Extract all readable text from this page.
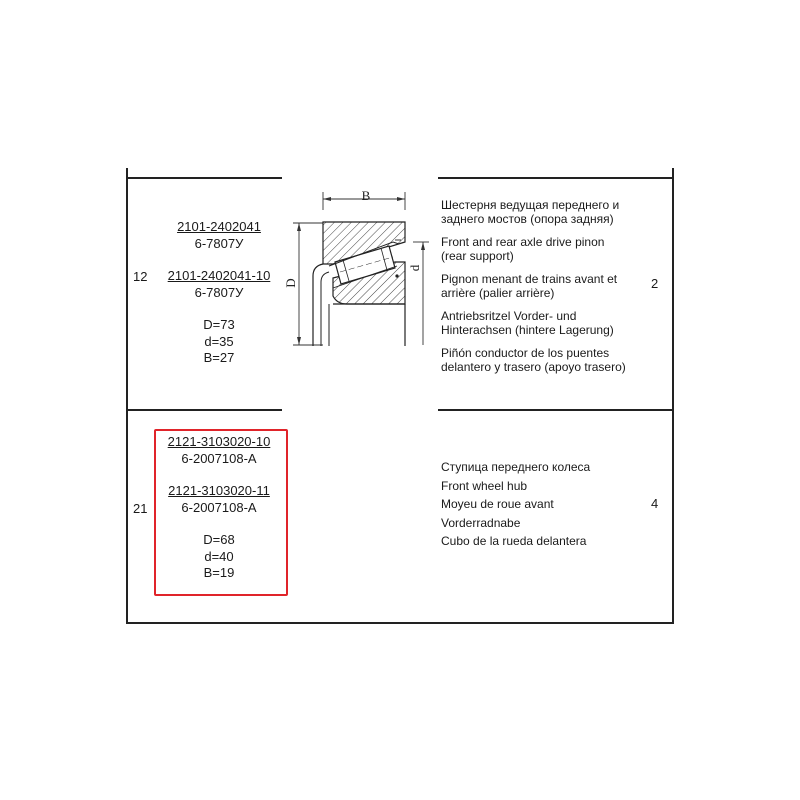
12
2101-2402041
6-7807У
2101-2402041-10
6-7807У
D=73
d=35
B=27
B
D
d
Шестерня ведущая переднего и
заднего мостов (опора задняя)
Front and rear axle drive pinon
(rear support)
Pignon menant de trains avant et
arrière (palier arrière)
Antriebsritzel Vorder- und
Hinterachsen (hintere Lagerung)
Piñón conductor de los puentes
delantero y trasero (apoyo trasero)
2
21
2121-3103020-10
6-2007108-А
2121-3103020-11
6-2007108-А
D=68
d=40
B=19
Ступица переднего колеса
Front wheel hub
Moyeu de roue avant
Vorderradnabe
Cubo de la rueda delantera
4
